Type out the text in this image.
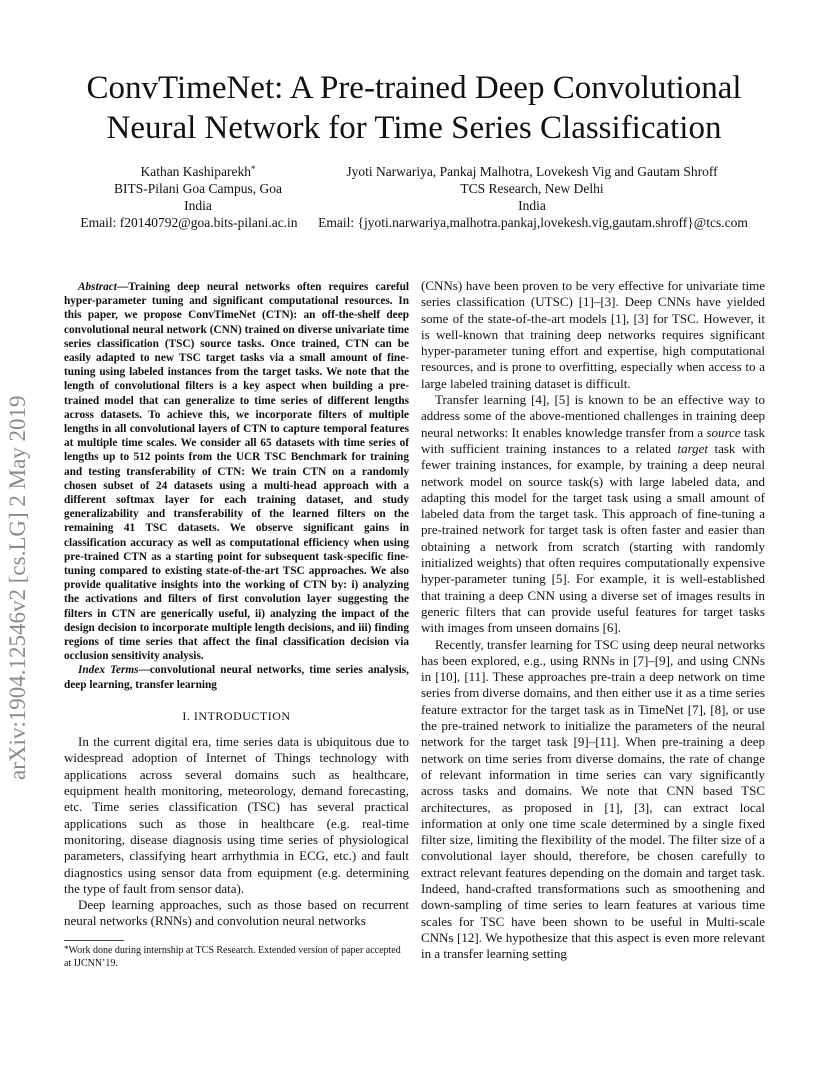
ConvTimeNet: A Pre-trained Deep Convolutional Neural Network for Time Series Classification
Kathan Kashiparekh*
BITS-Pilani Goa Campus, Goa
India
Email: f20140792@goa.bits-pilani.ac.in
Jyoti Narwariya, Pankaj Malhotra, Lovekesh Vig and Gautam Shroff
TCS Research, New Delhi
India
Email: {jyoti.narwariya,malhotra.pankaj,lovekesh.vig,gautam.shroff}@tcs.com
arXiv:1904.12546v2 [cs.LG] 2 May 2019

Abstract—Training deep neural networks often requires careful hyper-parameter tuning and significant computational resources. In this paper, we propose ConvTimeNet (CTN): an off-the-shelf deep convolutional neural network (CNN) trained on diverse univariate time series classification (TSC) source tasks. Once trained, CTN can be easily adapted to new TSC target tasks via a small amount of fine-tuning using labeled instances from the target tasks. We note that the length of convolutional filters is a key aspect when building a pre-trained model that can generalize to time series of different lengths across datasets. To achieve this, we incorporate filters of multiple lengths in all convolutional layers of CTN to capture temporal features at multiple time scales. We consider all 65 datasets with time series of lengths up to 512 points from the UCR TSC Benchmark for training and testing transferability of CTN: We train CTN on a randomly chosen subset of 24 datasets using a multi-head approach with a different softmax layer for each training dataset, and study generalizability and transferability of the learned filters on the remaining 41 TSC datasets. We observe significant gains in classification accuracy as well as computational efficiency when using pre-trained CTN as a starting point for subsequent task-specific fine-tuning compared to existing state-of-the-art TSC approaches. We also provide qualitative insights into the working of CTN by: i) analyzing the activations and filters of first convolution layer suggesting the filters in CTN are generically useful, ii) analyzing the impact of the design decision to incorporate multiple length decisions, and iii) finding regions of time series that affect the final classification decision via occlusion sensitivity analysis.

Index Terms—convolutional neural networks, time series analysis, deep learning, transfer learning

I. INTRODUCTION

In the current digital era, time series data is ubiquitous due to widespread adoption of Internet of Things technology with applications across several domains such as healthcare, equipment health monitoring, meteorology, demand forecasting, etc. Time series classification (TSC) has several practical applications such as those in healthcare (e.g. real-time monitoring, disease diagnosis using time series of physiological parameters, classifying heart arrhythmia in ECG, etc.) and fault diagnostics using sensor data from equipment (e.g. determining the type of fault from sensor data).

Deep learning approaches, such as those based on recurrent neural networks (RNNs) and convolution neural networks

*Work done during internship at TCS Research. Extended version of paper accepted at IJCNN’19.

(CNNs) have been proven to be very effective for univariate time series classification (UTSC) [1]–[3]. Deep CNNs have yielded some of the state-of-the-art models [1], [3] for TSC. However, it is well-known that training deep networks requires significant hyper-parameter tuning effort and expertise, high computational resources, and is prone to overfitting, especially when access to a large labeled training dataset is difficult.

Transfer learning [4], [5] is known to be an effective way to address some of the above-mentioned challenges in training deep neural networks: It enables knowledge transfer from a source task with sufficient training instances to a related target task with fewer training instances, for example, by training a deep neural network model on source task(s) with large labeled data, and adapting this model for the target task using a small amount of labeled data from the target task. This approach of fine-tuning a pre-trained network for target task is often faster and easier than obtaining a network from scratch (starting with randomly initialized weights) that often requires computationally expensive hyper-parameter tuning [5]. For example, it is well-established that training a deep CNN using a diverse set of images results in generic filters that can provide useful features for target tasks with images from unseen domains [6].

Recently, transfer learning for TSC using deep neural networks has been explored, e.g., using RNNs in [7]–[9], and using CNNs in [10], [11]. These approaches pre-train a deep network on time series from diverse domains, and then either use it as a time series feature extractor for the target task as in TimeNet [7], [8], or use the pre-trained network to initialize the parameters of the neural network for the target task [9]–[11]. When pre-training a deep network on time series from diverse domains, the rate of change of relevant information in time series can vary significantly across tasks and domains. We note that CNN based TSC architectures, as proposed in [1], [3], can extract local information at only one time scale determined by a single fixed filter size, limiting the flexibility of the model. The filter size of a convolutional layer should, therefore, be chosen carefully to extract relevant features depending on the domain and target task. Indeed, hand-crafted transformations such as smoothening and down-sampling of time series to learn features at various time scales for TSC have been shown to be useful in Multi-scale CNNs [12]. We hypothesize that this aspect is even more relevant in a transfer learning setting
